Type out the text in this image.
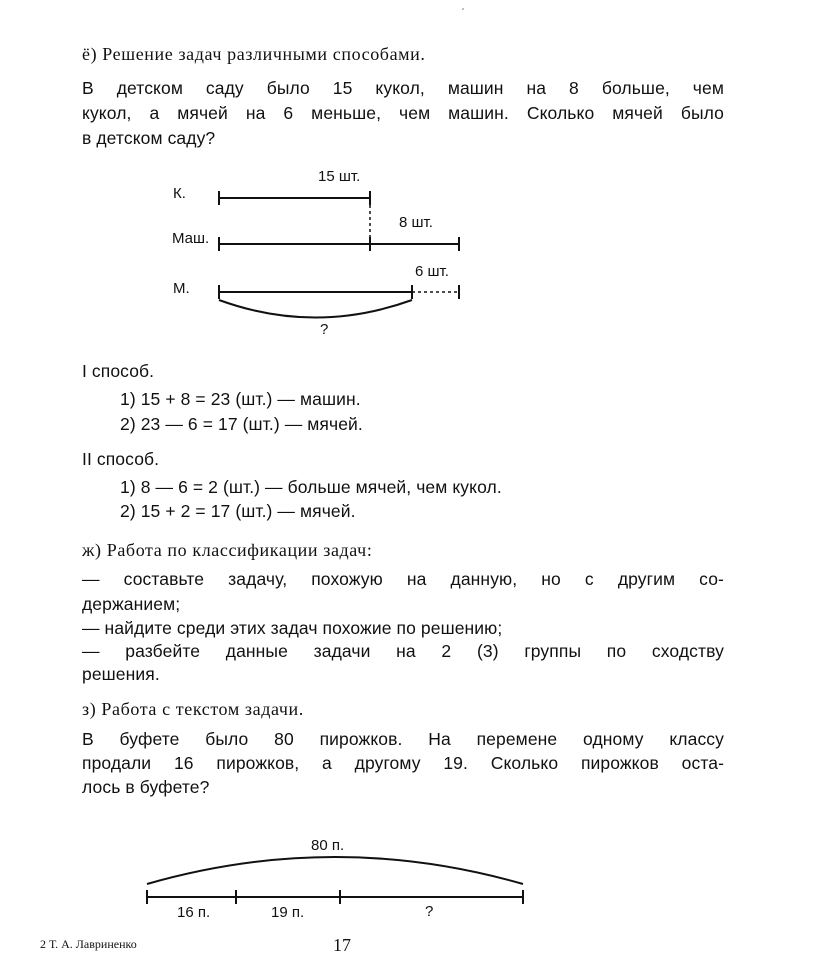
ё) Решение задач различными способами.
В детском саду было 15 кукол, машин на 8 больше, чем
кукол, а мячей на 6 меньше, чем машин. Сколько мячей было
в детском саду?
К.
Маш.
М.
15 шт.
8 шт.
6 шт.
?
80 п.
16 п.	19 п.	?
I способ.
1) 15 + 8 = 23 (шт.) — машин.
2) 23 — 6 = 17 (шт.) — мячей.
II способ.
1) 8 — 6 = 2 (шт.) — больше мячей, чем кукол.
2) 15 + 2 = 17 (шт.) — мячей.
ж) Работа по классификации задач:
— составьте задачу, похожую на данную, но с другим со-
держанием;
— найдите среди этих задач похожие по решению;
— разбейте данные задачи на 2 (3) группы по сходству
решения.
з) Работа с текстом задачи.
В буфете было 80 пирожков. На перемене одному классу
продали 16 пирожков, а другому 19. Сколько пирожков оста-
лось в буфете?
2 Т. А. Лавриненко	17
